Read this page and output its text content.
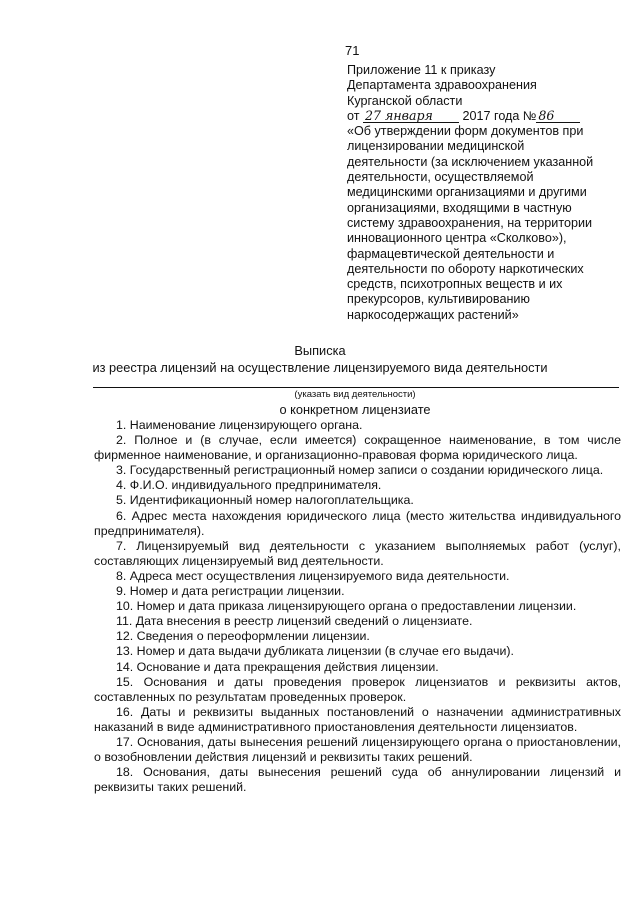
71
Приложение 11 к приказу
Департамента здравоохранения
Курганской области
от 27 января 2017 года № 86
«Об утверждении форм документов при
лицензировании медицинской
деятельности (за исключением указанной
деятельности, осуществляемой
медицинскими организациями и другими
организациями, входящими в частную
систему здравоохранения, на территории
инновационного центра «Сколково»),
фармацевтической деятельности и
деятельности по обороту наркотических
средств, психотропных веществ и их
прекурсоров, культивированию
наркосодержащих растений»
Выписка
из реестра лицензий на осуществление лицензируемого вида деятельности
(указать вид деятельности)
о конкретном лицензиате

1. Наименование лицензирующего органа.

2. Полное и (в случае, если имеется) сокращенное наименование, в том числе фирменное наименование, и организационно-правовая форма юридического лица.

3. Государственный регистрационный номер записи о создании юридического лица.

4. Ф.И.О. индивидуального предпринимателя.

5. Идентификационный номер налогоплательщика.

6. Адрес места нахождения юридического лица (место жительства индивидуального предпринимателя).

7. Лицензируемый вид деятельности с указанием выполняемых работ (услуг), составляющих лицензируемый вид деятельности.

8. Адреса мест осуществления лицензируемого вида деятельности.

9. Номер и дата регистрации лицензии.

10. Номер и дата приказа лицензирующего органа о предоставлении лицензии.

11. Дата внесения в реестр лицензий сведений о лицензиате.

12. Сведения о переоформлении лицензии.

13. Номер и дата выдачи дубликата лицензии (в случае его выдачи).

14. Основание и дата прекращения действия лицензии.

15. Основания и даты проведения проверок лицензиатов и реквизиты актов, составленных по результатам проведенных проверок.

16. Даты и реквизиты выданных постановлений о назначении административных наказаний в виде административного приостановления деятельности лицензиатов.

17. Основания, даты вынесения решений лицензирующего органа о приостановлении, о возобновлении действия лицензий и реквизиты таких решений.

18. Основания, даты вынесения решений суда об аннулировании лицензий и реквизиты таких решений.
